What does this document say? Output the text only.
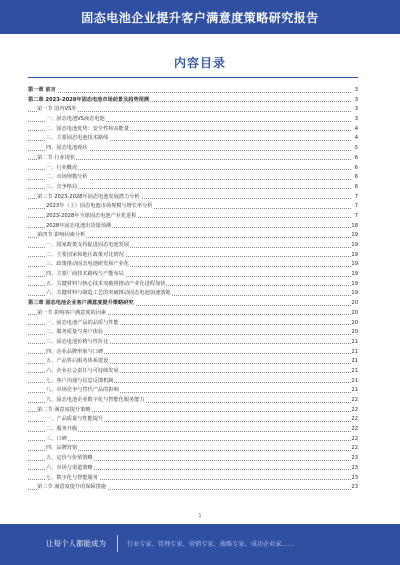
固态电池企业提升客户满意度策略研究报告
内容目录
第一章 前言	3
第二章 2023-2028年固态电池市场前景及趋势预测	3
第一节 国内VS外	3
一、固态电池VS液态电池	3
二、固态电池优势：安全性和高能量	4
三、主要固态电池技术路线	4
四、固态电池现状	5
第二节 行业现状	6
一、行业概况	6
二、市场规模分析	6
三、竞争格局	6
第三节 2023-2028年固态电池发展潜力分析	7
2023年（上）固态电池市场规模与增长率分析	7
2023-2028年全球固态电池产业化进程	7
2028年固态电池出货量预测	18
第四节 影响因素分析	19
一、国家政策支持促进固态电池发展	19
二、主要国家和地区政策对比情况	19
三、政策推动固态电池研发和产业化	19
四、主要厂商技术路线与产能布局	19
五、关键材料与核心技术突破将推动产业化进程加快	19
六、关键材料与制造工艺的突破推动固态电池加速落地	19
第三章 固态电池企业客户满意度提升策略研究	20
第一节 影响客户满意度的因素	20
一、固态电池产品的品质与性能	20
二、服务质量与客户体验	20
三、固态电池价格与性价比	21
四、企业品牌形象与口碑	21
五、产品售后服务体系建设	21
六、企业社会责任与可持续发展	21
七、客户沟通与信息反馈机制	21
八、市场竞争与替代产品的影响	21
九、固态电池企业数字化与智能化服务能力	22
第二节 满意度提升策略	22
一、产品质量与性能提升	22
二、服务升级	22
三、口碑	22
四、品牌营销	22
五、定价与价值策略	23
六、市场与渠道策略	23
七、数字化与智能服务	23
第三节 满意度提升的保障措施	23
1
让每个人都能成为	行业专家、管理专家、营销专家、战略专家、成功企业家……
